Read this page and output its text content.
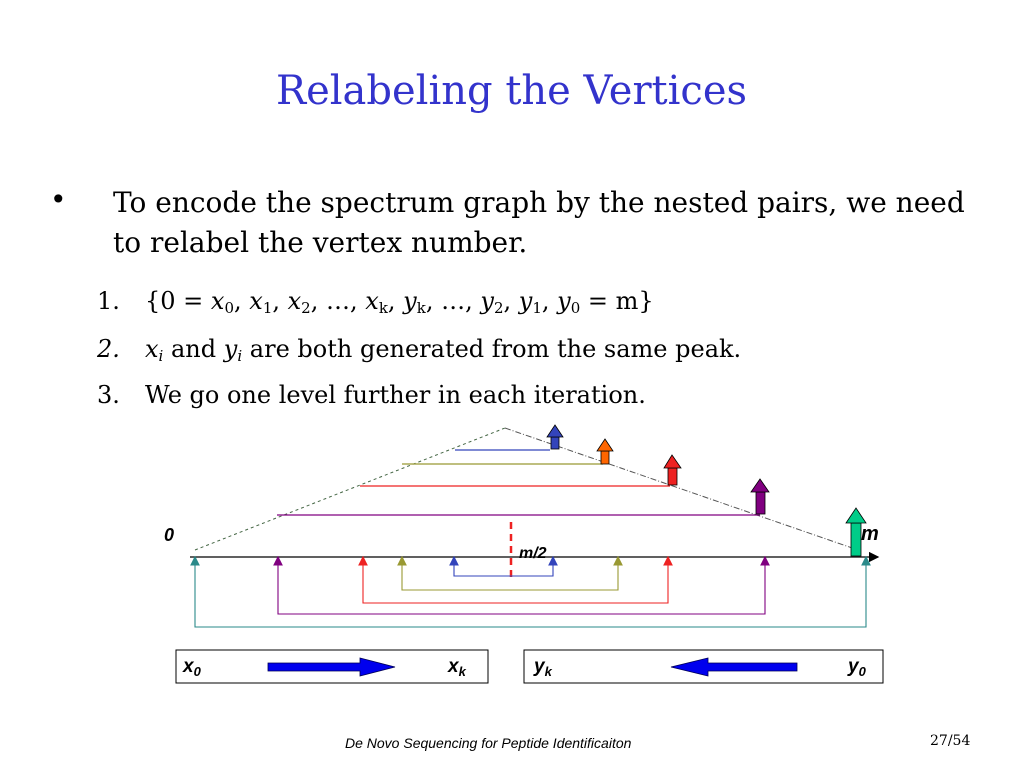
Relabeling the Vertices
• To encode the spectrum graph by the nested pairs, we need to relabel the vertex number.
1. {$0 = x_0$, $x_1$, $x_2$, …, $x_k$, $y_k$, …, $y_2$, $y_1$, $y_0 = m$}
2. $x_i$ and $y_i$ are both generated from the same peak.
3. We go one level further in each iteration.
0	m
m/2
$x_0$	$x_k$	$y_k$	$y_0$
De Novo Sequencing for Peptide Identificaiton	27/54
